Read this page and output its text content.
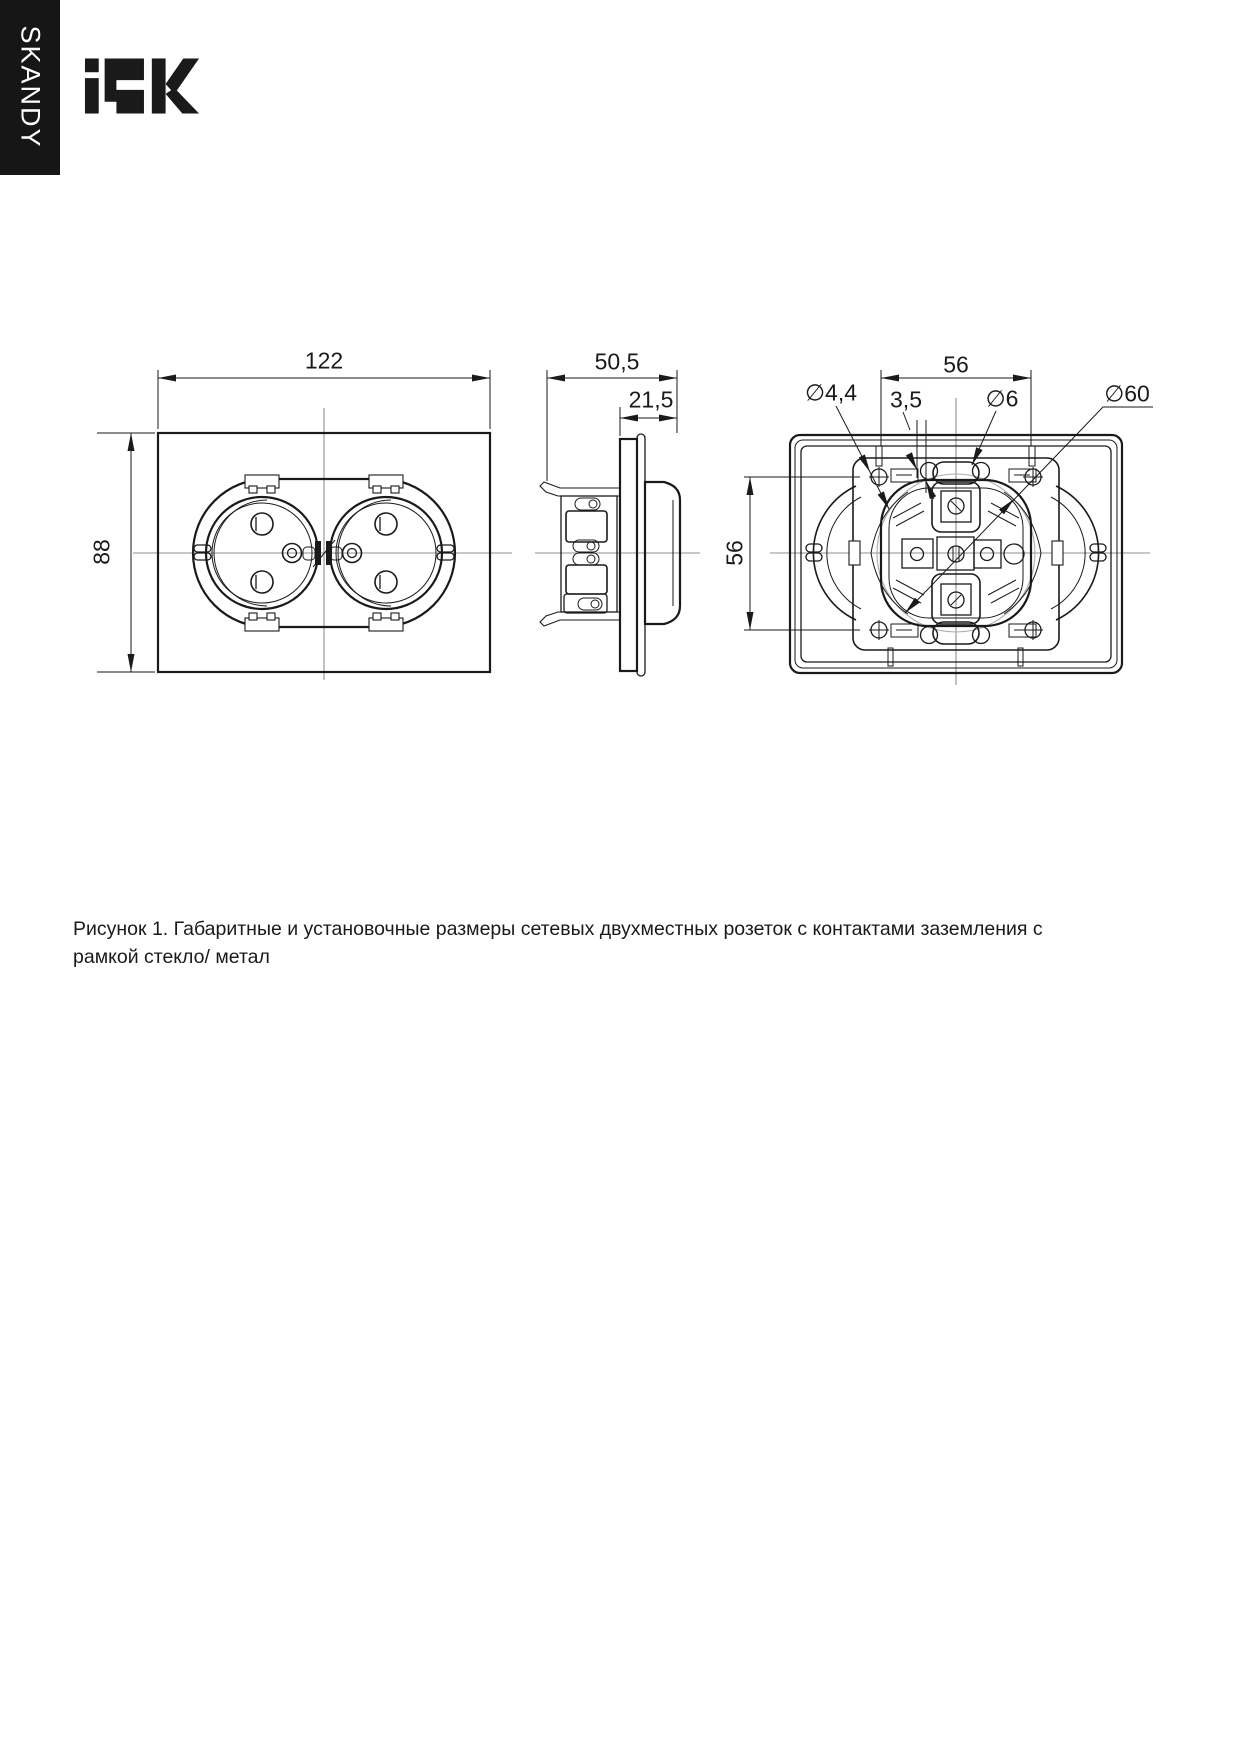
SKANDY
122
88
50,5
21,5
56
56
∅4,4 3,5	∅6	∅60
Рисунок 1. Габаритные и установочные размеры сетевых двухместных розеток с контактами заземления с
рамкой стекло/ метал
